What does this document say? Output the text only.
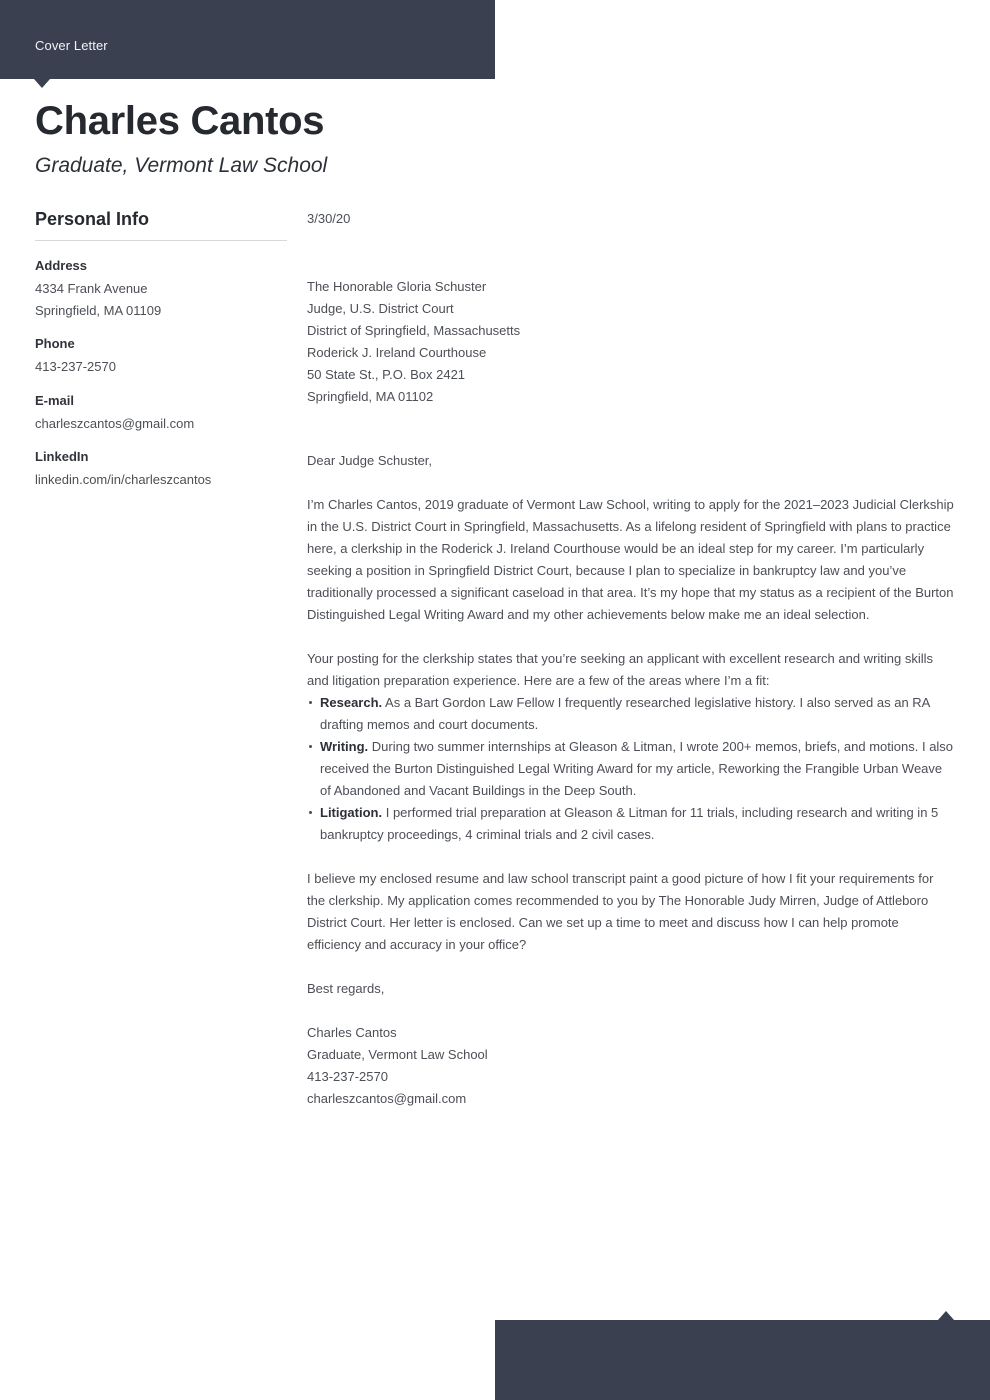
Cover Letter
Charles Cantos
Graduate, Vermont Law School
Personal Info
Address
4334 Frank Avenue
Springfield, MA 01109
Phone
413-237-2570
E-mail
charleszcantos@gmail.com
LinkedIn
linkedin.com/in/charleszcantos

3/30/20

The Honorable Gloria Schuster
Judge, U.S. District Court
District of Springfield, Massachusetts
Roderick J. Ireland Courthouse
50 State St., P.O. Box 2421
Springfield, MA 01102

Dear Judge Schuster,

I’m Charles Cantos, 2019 graduate of Vermont Law School, writing to apply for the 2021–2023 Judicial Clerkship in the U.S. District Court in Springfield, Massachusetts. As a lifelong resident of Springfield with plans to practice here, a clerkship in the Roderick J. Ireland Courthouse would be an ideal step for my career. I’m particularly seeking a position in Springfield District Court, because I plan to specialize in bankruptcy law and you’ve traditionally processed a significant caseload in that area. It’s my hope that my status as a recipient of the Burton Distinguished Legal Writing Award and my other achievements below make me an ideal selection.

Your posting for the clerkship states that you’re seeking an applicant with excellent research and writing skills and litigation preparation experience. Here are a few of the areas where I’m a fit:

Research. As a Bart Gordon Law Fellow I frequently researched legislative history. I also served as an RA drafting memos and court documents.
Writing. During two summer internships at Gleason & Litman, I wrote 200+ memos, briefs, and motions. I also received the Burton Distinguished Legal Writing Award for my article, Reworking the Frangible Urban Weave of Abandoned and Vacant Buildings in the Deep South.
Litigation. I performed trial preparation at Gleason & Litman for 11 trials, including research and writing in 5 bankruptcy proceedings, 4 criminal trials and 2 civil cases.

I believe my enclosed resume and law school transcript paint a good picture of how I fit your requirements for the clerkship. My application comes recommended to you by The Honorable Judy Mirren, Judge of Attleboro District Court. Her letter is enclosed. Can we set up a time to meet and discuss how I can help promote efficiency and accuracy in your office?

Best regards,

Charles Cantos
Graduate, Vermont Law School
413-237-2570
charleszcantos@gmail.com
